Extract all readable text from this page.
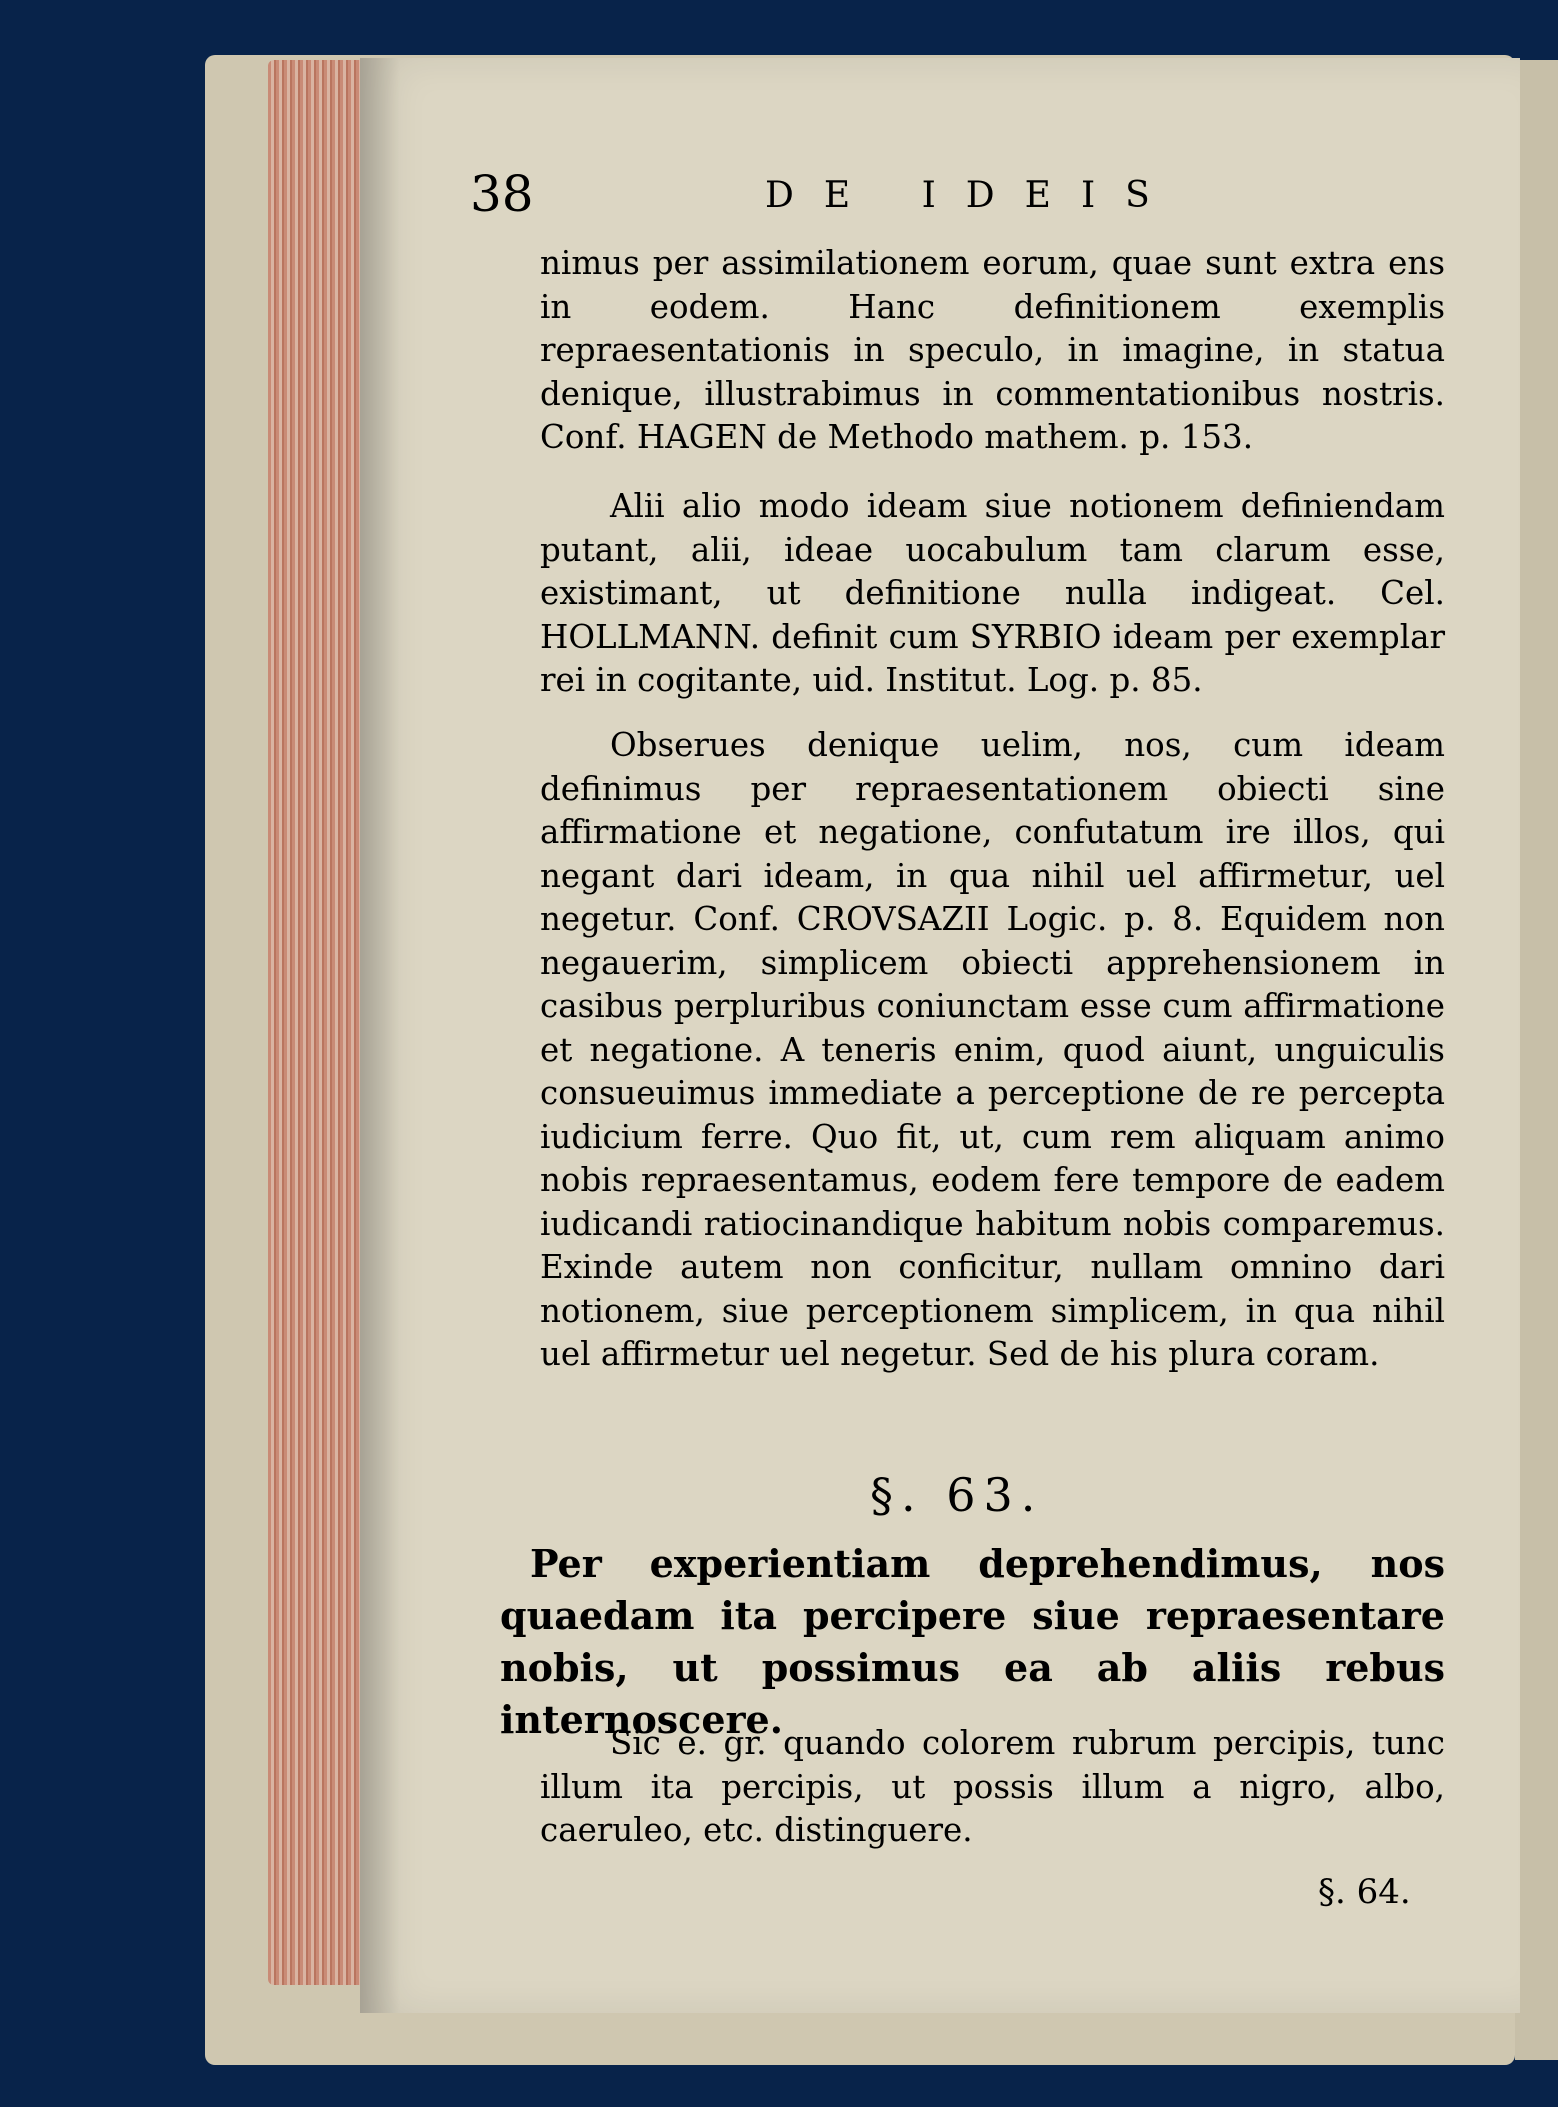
38	DE IDEIS

nimus per assimilationem eorum, quae sunt extra ens in eodem. Hanc definitionem exemplis repraesentationis in speculo, in imagine, in statua denique, illustrabimus in commentationibus nostris. Conf. HAGEN de Methodo mathem. p. 153.

Alii alio modo ideam siue notionem definiendam putant, alii, ideae uocabulum tam clarum esse, existimant, ut definitione nulla indigeat. Cel. HOLLMANN. definit cum SYRBIO ideam per exemplar rei in cogitante, uid. Institut. Log. p. 85.

Obserues denique uelim, nos, cum ideam definimus per repraesentationem obiecti sine affirmatione et negatione, confutatum ire illos, qui negant dari ideam, in qua nihil uel affirmetur, uel negetur. Conf. CROVSAZII Logic. p. 8. Equidem non negauerim, simplicem obiecti apprehensionem in casibus perpluribus coniunctam esse cum affirmatione et negatione. A teneris enim, quod aiunt, unguiculis consueuimus immediate a perceptione de re percepta iudicium ferre. Quo fit, ut, cum rem aliquam animo nobis repraesentamus, eodem fere tempore de eadem iudicandi ratiocinandique habitum nobis comparemus. Exinde autem non conficitur, nullam omnino dari notionem, siue perceptionem simplicem, in qua nihil uel affirmetur uel negetur. Sed de his plura coram.

§. 63.

Per experientiam deprehendimus, nos quaedam ita percipere siue repraesentare nobis, ut possimus ea ab aliis rebus internoscere.

Sic e. gr. quando colorem rubrum percipis, tunc illum ita percipis, ut possis illum a nigro, albo, caeruleo, etc. distinguere.

§. 64.
